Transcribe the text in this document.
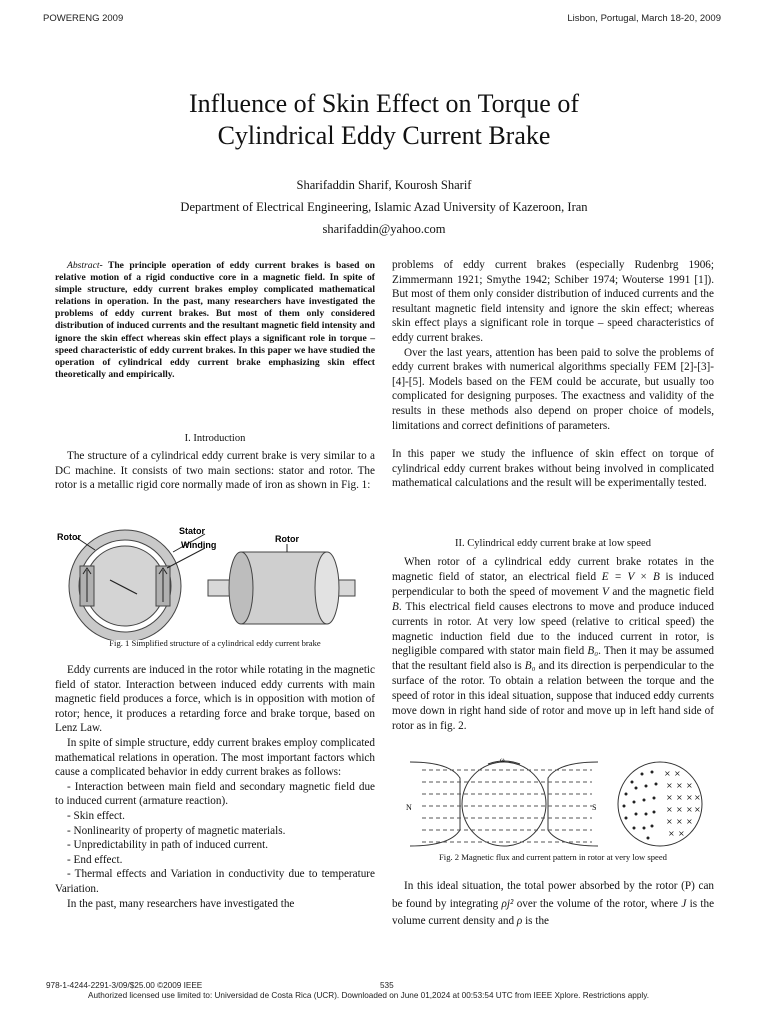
POWERENG 2009	Lisbon, Portugal, March 18-20, 2009
Influence of Skin Effect on Torque of
Cylindrical Eddy Current Brake
Sharifaddin Sharif, Kourosh Sharif
Department of Electrical Engineering, Islamic Azad University of Kazeroon, Iran
sharifaddin@yahoo.com

Abstract- The principle operation of eddy current brakes is based on relative motion of a rigid conductive core in a magnetic field. In spite of simple structure, eddy current brakes employ complicated mathematical relations in operation. In the past, many researchers have investigated the problems of eddy current brakes. But most of them only considered distribution of induced currents and the resultant magnetic field intensity and ignore the skin effect whereas skin effect plays a significant role in torque – speed characteristic of eddy current brakes. In this paper we have studied the operation of cylindrical eddy current brake emphasizing skin effect theoretically and empirically.

I. Introduction

The structure of a cylindrical eddy current brake is very similar to a DC machine. It consists of two main sections: stator and rotor. The rotor is a metallic rigid core normally made of iron as shown in Fig. 1:

Rotor
Stator
Winding
Rotor
Fig. 1 Simplified structure of a cylindrical eddy current brake

Eddy currents are induced in the rotor while rotating in the magnetic field of stator. Interaction between induced eddy currents with main magnetic field produces a force, which is in opposition with motion of rotor; hence, it produces a retarding force and brake torque, based on Lenz Law.

In spite of simple structure, eddy current brakes employ complicated mathematical relations in operation. The most important factors which cause a complicated behavior in eddy current brakes as follows:

- Interaction between main field and secondary magnetic field due to induced current (armature reaction).

- Skin effect.

- Nonlinearity of property of magnetic materials.

- Unpredictability in path of induced current.

- End effect.

- Thermal effects and Variation in conductivity due to temperature Variation.

In the past, many researchers have investigated the

problems of eddy current brakes (especially Rudenbrg 1906; Zimmermann 1921; Smythe 1942; Schiber 1974; Wouterse 1991 [1]). But most of them only consider distribution of induced currents and the resultant magnetic field intensity and ignore the skin effect; whereas skin effect plays a significant role in torque – speed characteristics of eddy current brakes.

Over the last years, attention has been paid to solve the problems of eddy current brakes with numerical algorithms specially FEM [2]-[3]-[4]-[5]. Models based on the FEM could be accurate, but usually too complicated for designing purposes. The exactness and validity of the results in these methods also depend on proper choice of models, limitations and correct definitions of parameters.

In this paper we study the influence of skin effect on torque of cylindrical eddy current brakes without being involved in complicated mathematical calculations and the result will be experimentally tested.

II. Cylindrical eddy current brake at low speed

When rotor of a cylindrical eddy current brake rotates in the magnetic field of stator, an electrical field E = V × B is induced perpendicular to both the speed of movement V and the magnetic field B. This electrical field causes electrons to move and produce induced currents in rotor. At very low speed (relative to critical speed) the magnetic induction field due to the induced current in rotor, is negligible compared with stator main field B₀. Then it may be assumed that the resultant field also is B₀ and its direction is perpendicular to the surface of the rotor. To obtain a relation between the torque and the speed of rotor in this ideal situation, suppose that induced eddy currents move down in right hand side of rotor and move up in left hand side of rotor as in fig. 2.

× ×
× × ×
× × × ×
× × × ×
× × ×
× ×
N	S
ω
Fig. 2 Magnetic flux and current pattern in rotor at very low speed

In this ideal situation, the total power absorbed by the rotor (P) can be found by integrating ρj² over the volume of the rotor, where J is the volume current density and ρ is the

978-1-4244-2291-3/09/$25.00 ©2009 IEEE	535
Authorized licensed use limited to: Universidad de Costa Rica (UCR). Downloaded on June 01,2024 at 00:53:54 UTC from IEEE Xplore. Restrictions apply.
